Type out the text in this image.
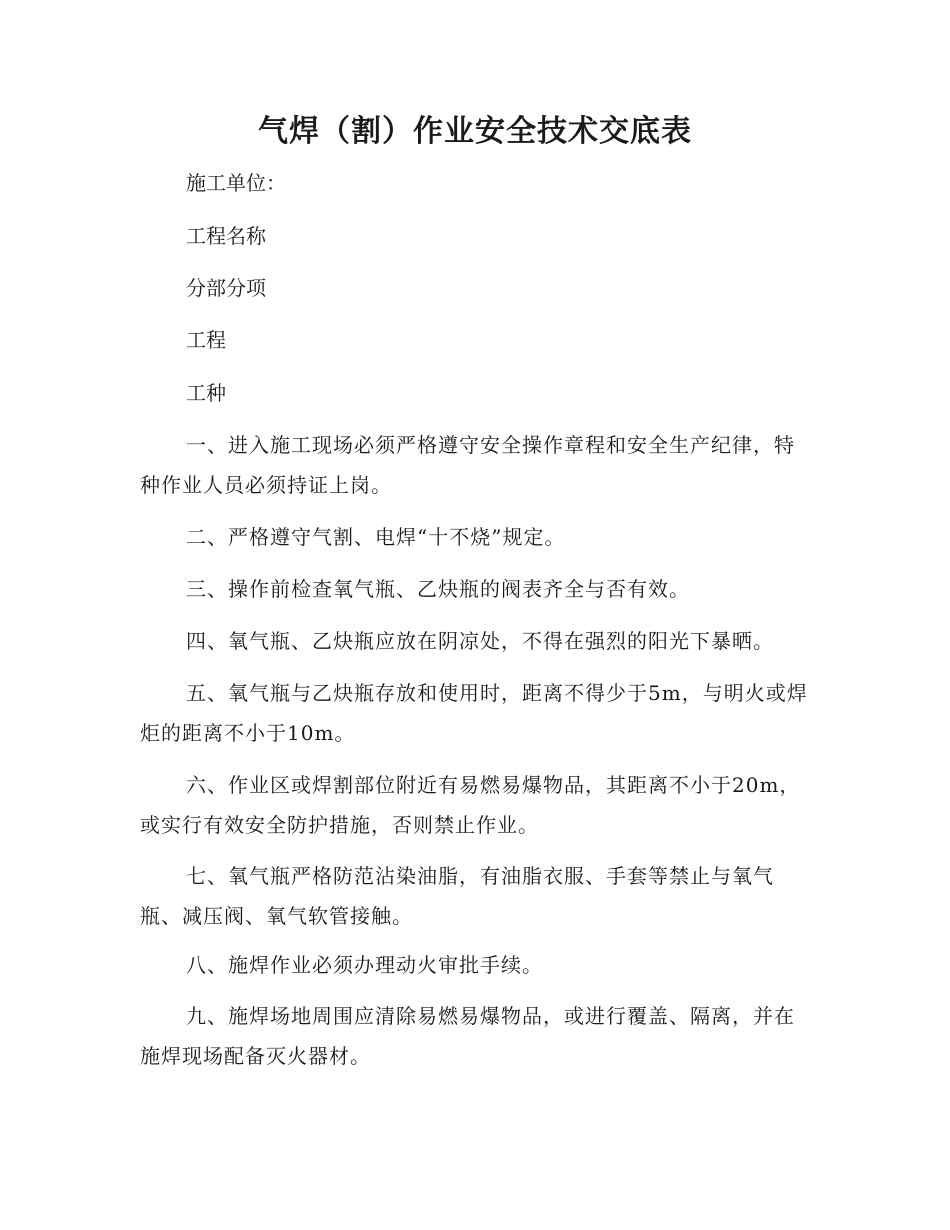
气焊（割）作业安全技术交底表

施工单位：

工程名称

分部分项

工程

工种

一、进入施工现场必须严格遵守安全操作章程和安全生产纪律，特种作业人员必须持证上岗。

二、严格遵守气割、电焊“十不烧”规定。

三、操作前检查氧气瓶、乙炔瓶的阀表齐全与否有效。

四、氧气瓶、乙炔瓶应放在阴凉处，不得在强烈的阳光下暴晒。

五、氧气瓶与乙炔瓶存放和使用时，距离不得少于5m，与明火或焊炬的距离不小于10m。

六、作业区或焊割部位附近有易燃易爆物品，其距离不小于20m，或实行有效安全防护措施，否则禁止作业。

七、氧气瓶严格防范沾染油脂，有油脂衣服、手套等禁止与氧气瓶、减压阀、氧气软管接触。

八、施焊作业必须办理动火审批手续。

九、施焊场地周围应清除易燃易爆物品，或进行覆盖、隔离，并在施焊现场配备灭火器材。
